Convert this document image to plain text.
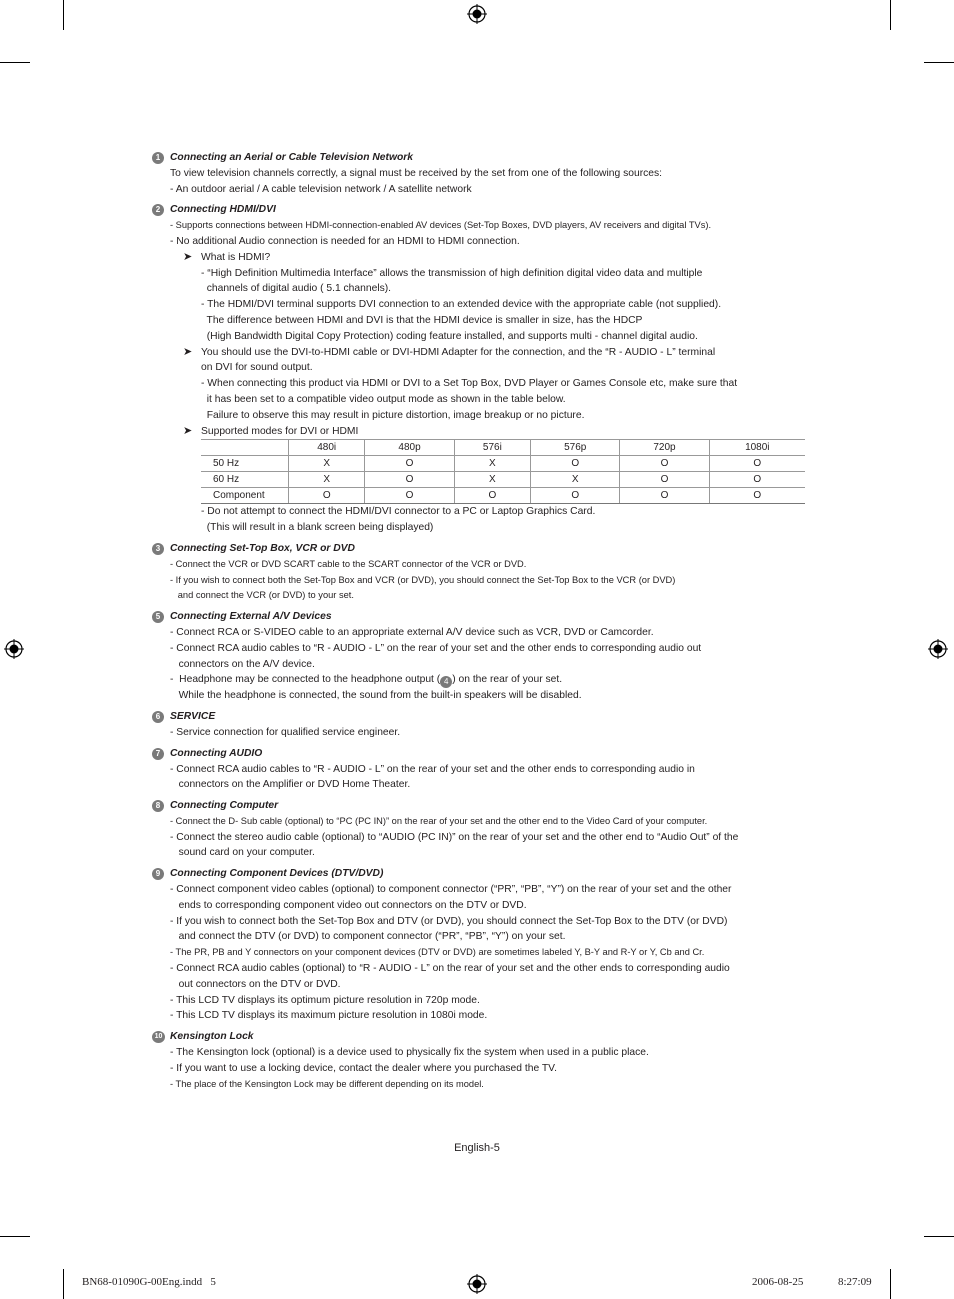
1 Connecting an Aerial or Cable Television Network
To view television channels correctly, a signal must be received by the set from one of the following sources:
- An outdoor aerial / A cable television network / A satellite network
2 Connecting HDMI/DVI
- Supports connections between HDMI-connection-enabled AV devices (Set-Top Boxes, DVD players, AV receivers and digital TVs).
- No additional Audio connection is needed for an HDMI to HDMI connection.
➤ What is HDMI?
- “High Definition Multimedia Interface” allows the transmission of high definition digital video data and multiple
channels of digital audio ( 5.1 channels).
- The HDMI/DVI terminal supports DVI connection to an extended device with the appropriate cable (not supplied).
The difference between HDMI and DVI is that the HDMI device is smaller in size, has the HDCP
(High Bandwidth Digital Copy Protection) coding feature installed, and supports multi - channel digital audio.
➤ You should use the DVI-to-HDMI cable or DVI-HDMI Adapter for the connection, and the “R - AUDIO - L” terminal
on DVI for sound output.
- When connecting this product via HDMI or DVI to a Set Top Box, DVD Player or Games Console etc, make sure that
it has been set to a compatible video output mode as shown in the table below.
Failure to observe this may result in picture distortion, image breakup or no picture.
➤ Supported modes for DVI or HDMI
	480i	480p	576i	576p	720p	1080i
50 Hz	X	O	X	O	O	O
60 Hz	X	O	X	X	O	O
Component	O	O	O	O	O	O
- Do not attempt to connect the HDMI/DVI connector to a PC or Laptop Graphics Card.
(This will result in a blank screen being displayed)
3 Connecting Set-Top Box, VCR or DVD
- Connect the VCR or DVD SCART cable to the SCART connector of the VCR or DVD.
- If you wish to connect both the Set-Top Box and VCR (or DVD), you should connect the Set-Top Box to the VCR (or DVD)
and connect the VCR (or DVD) to your set.
5 Connecting External A/V Devices
- Connect RCA or S-VIDEO cable to an appropriate external A/V device such as VCR, DVD or Camcorder.
- Connect RCA audio cables to “R - AUDIO - L” on the rear of your set and the other ends to corresponding audio out
connectors on the A/V device.
-  Headphone may be connected to the headphone output ( 4 ) on the rear of your set.
While the headphone is connected, the sound from the built-in speakers will be disabled.
6 SERVICE
- Service connection for qualified service engineer.
7 Connecting AUDIO
- Connect RCA audio cables to “R - AUDIO - L” on the rear of your set and the other ends to corresponding audio in
connectors on the Amplifier or DVD Home Theater.
8 Connecting Computer
- Connect the D- Sub cable (optional) to “PC (PC IN)” on the rear of your set and the other end to the Video Card of your computer.
- Connect the stereo audio cable (optional) to “AUDIO (PC IN)” on the rear of your set and the other end to “Audio Out” of the
sound card on your computer.
9 Connecting Component Devices (DTV/DVD)
- Connect component video cables (optional) to component connector (“PR”, “PB”, “Y”) on the rear of your set and the other
ends to corresponding component video out connectors on the DTV or DVD.
- If you wish to connect both the Set-Top Box and DTV (or DVD), you should connect the Set-Top Box to the DTV (or DVD)
and connect the DTV (or DVD) to component connector (“PR”, “PB”, “Y”) on your set.
- The PR, PB and Y connectors on your component devices (DTV or DVD) are sometimes labeled Y, B-Y and R-Y or Y, Cb and Cr.
- Connect RCA audio cables (optional) to “R - AUDIO - L” on the rear of your set and the other ends to corresponding audio
out connectors on the DTV or DVD.
- This LCD TV displays its optimum picture resolution in 720p mode.
- This LCD TV displays its maximum picture resolution in 1080i mode.
10 Kensington Lock
- The Kensington lock (optional) is a device used to physically fix the system when used in a public place.
- If you want to use a locking device, contact the dealer where you purchased the TV.
- The place of the Kensington Lock may be different depending on its model.
English-5
BN68-01090G-00Eng.indd   5	2006-08-25	8:27:09
